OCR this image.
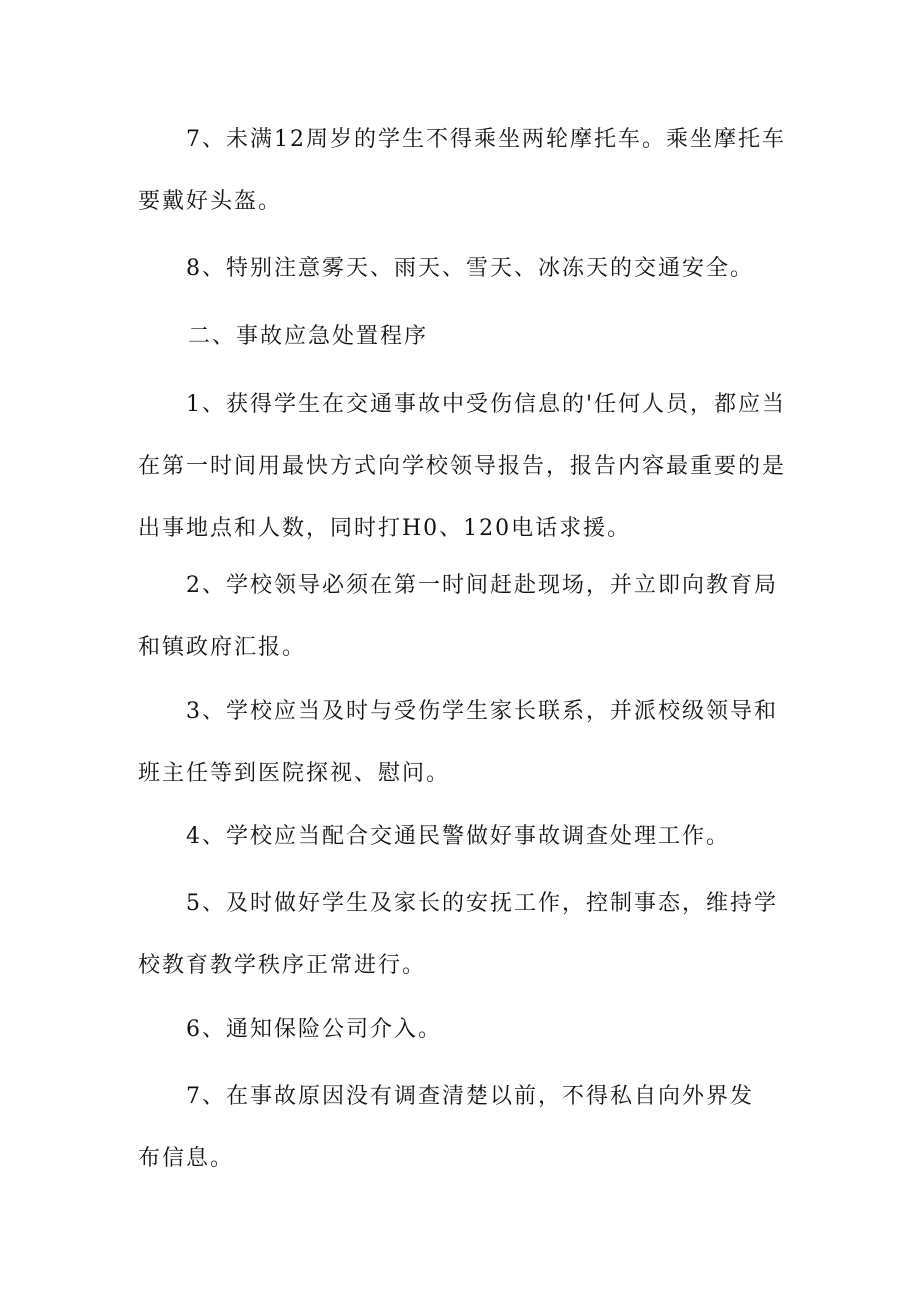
7、未满12周岁的学生不得乘坐两轮摩托车。乘坐摩托车要戴好头盔。

8、特别注意雾天、雨天、雪天、冰冻天的交通安全。

二、事故应急处置程序

1、获得学生在交通事故中受伤信息的'任何人员，都应当在第一时间用最快方式向学校领导报告，报告内容最重要的是出事地点和人数，同时打H0、120电话求援。

2、学校领导必须在第一时间赶赴现场，并立即向教育局和镇政府汇报。

3、学校应当及时与受伤学生家长联系，并派校级领导和班主任等到医院探视、慰问。

4、学校应当配合交通民警做好事故调查处理工作。

5、及时做好学生及家长的安抚工作，控制事态，维持学校教育教学秩序正常进行。

6、通知保险公司介入。

7、在事故原因没有调查清楚以前，不得私自向外界发

布信息。
